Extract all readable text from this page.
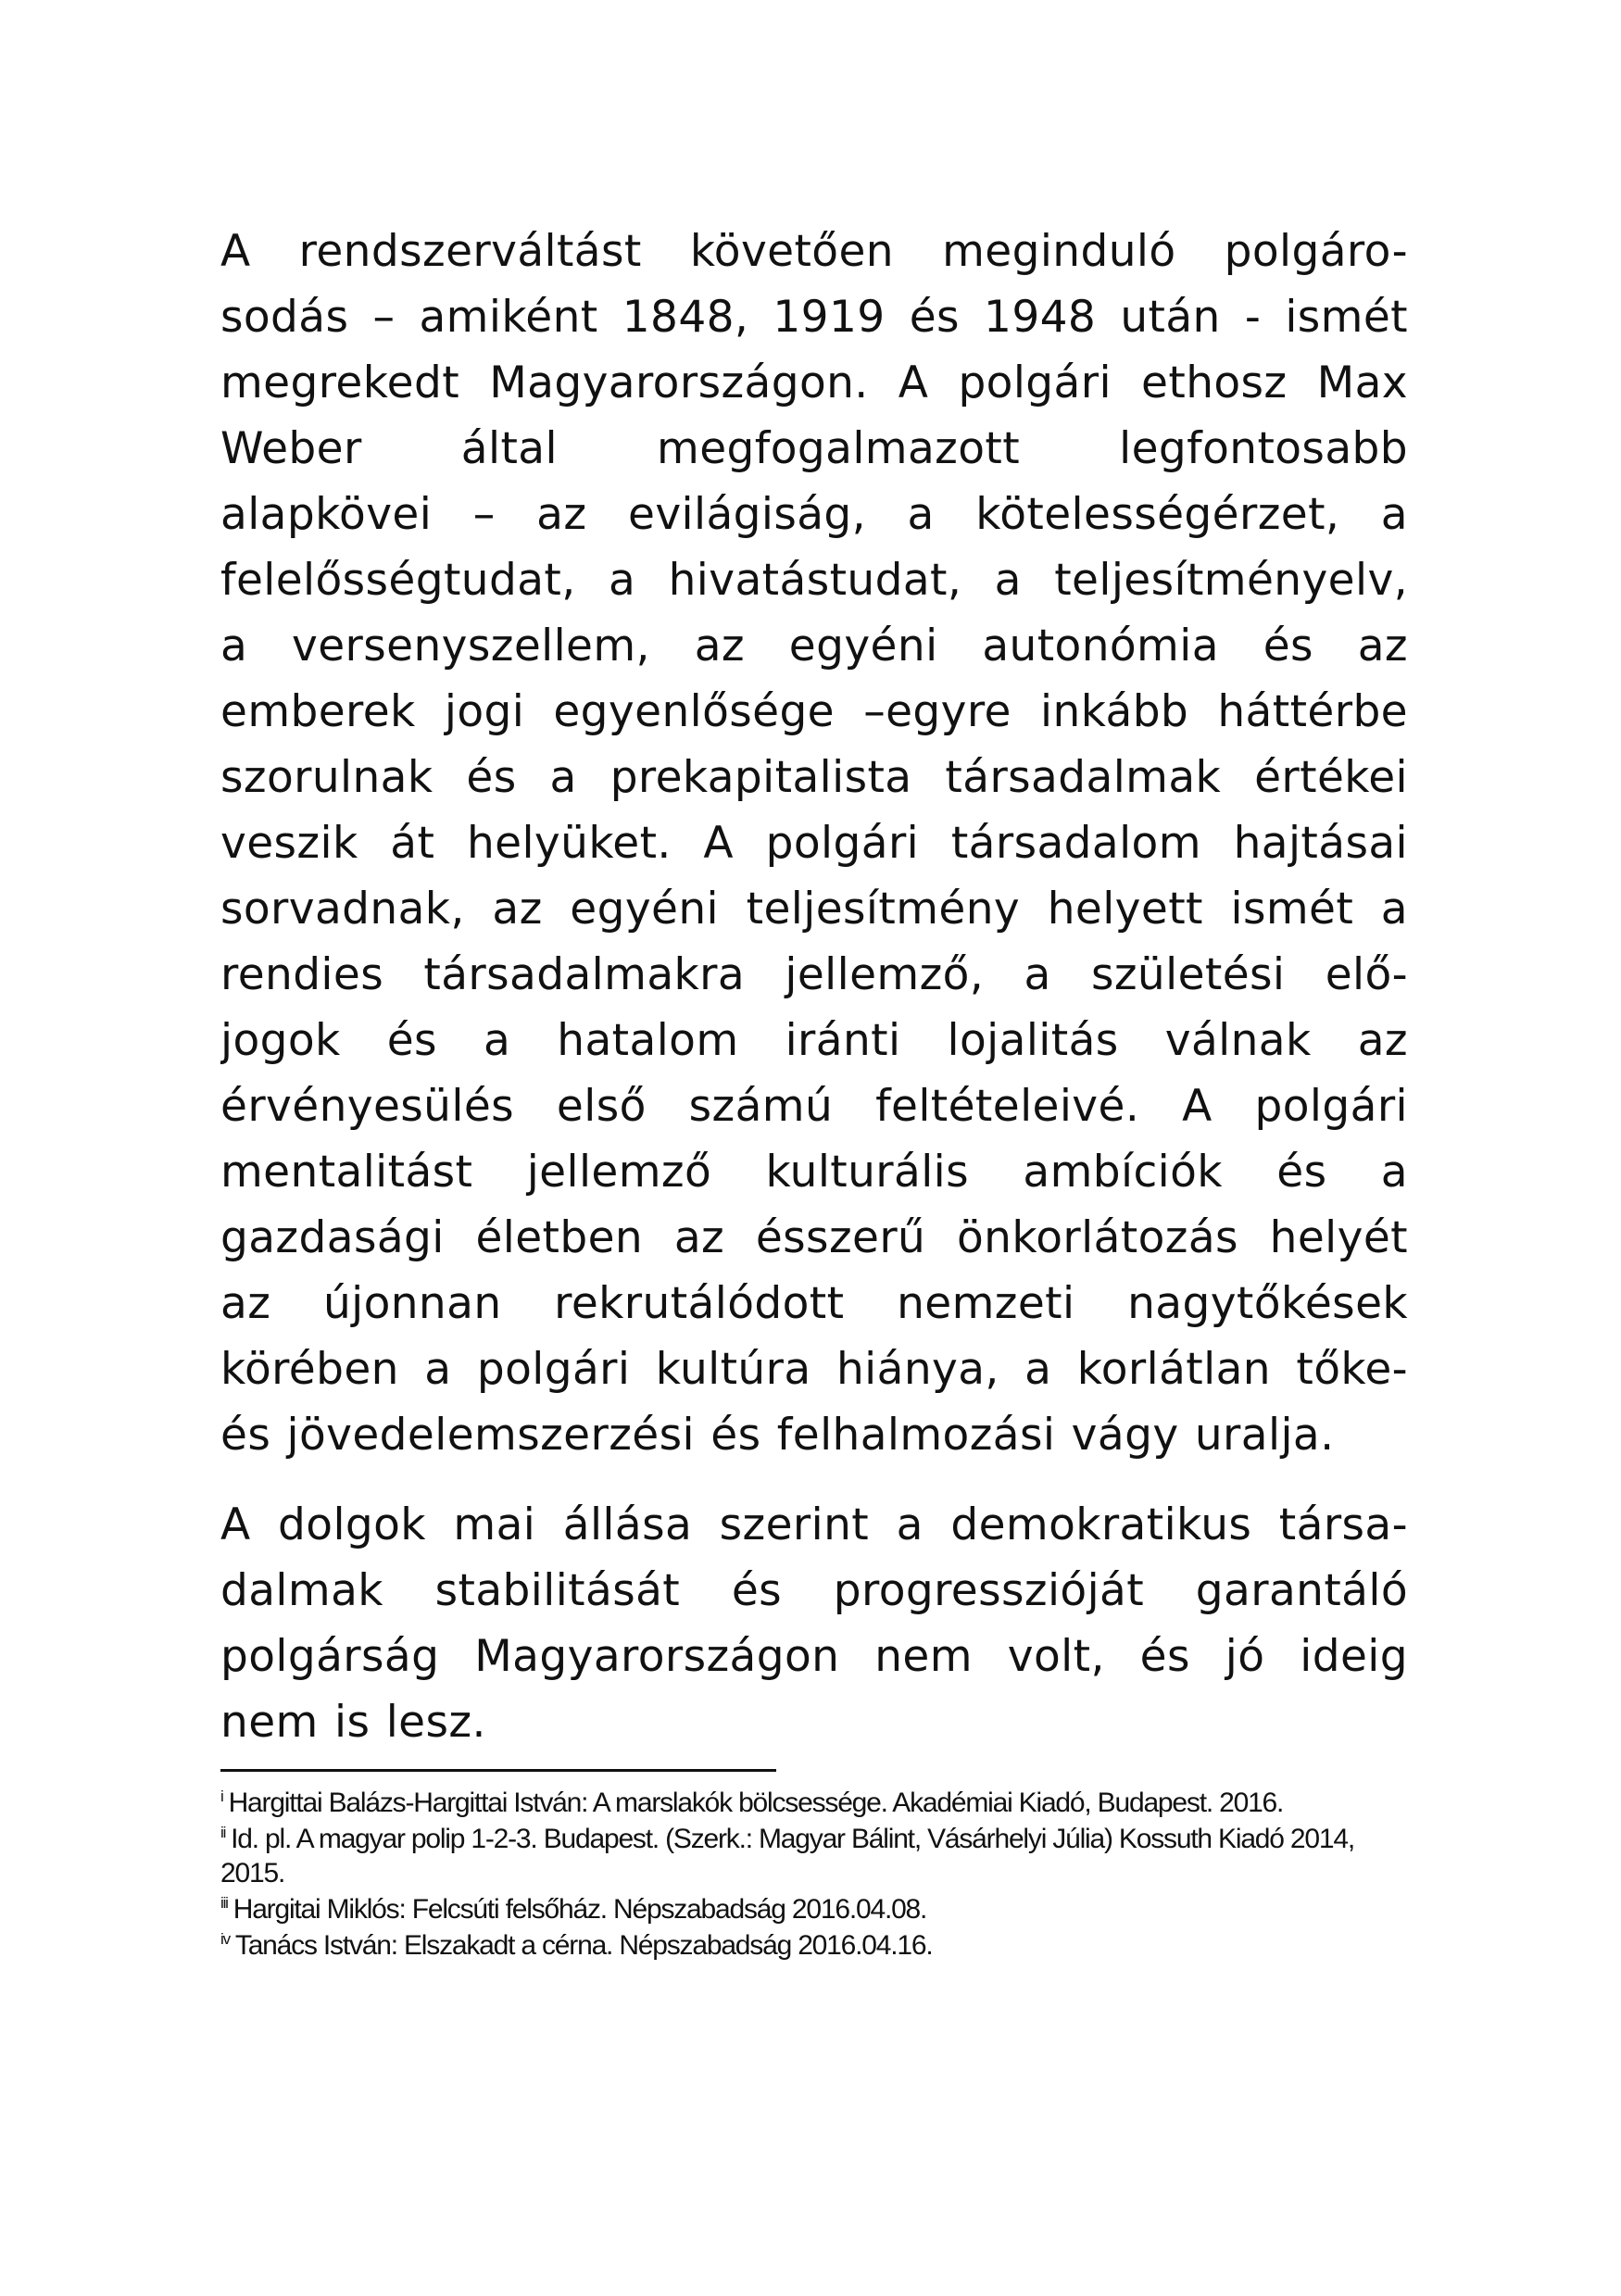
A rendszerváltást követően meginduló polgáro-
sodás – amiként 1848, 1919 és 1948 után - ismét
megrekedt Magyarországon. A polgári ethosz Max
Weber által megfogalmazott legfontosabb
alapkövei – az evilágiság, a kötelességérzet, a
felelősségtudat, a hivatástudat, a teljesítményelv,
a versenyszellem, az egyéni autonómia és az
emberek jogi egyenlősége –egyre inkább háttérbe
szorulnak és a prekapitalista társadalmak értékei
veszik át helyüket. A polgári társadalom hajtásai
sorvadnak, az egyéni teljesítmény helyett ismét a
rendies társadalmakra jellemző, a születési elő-
jogok és a hatalom iránti lojalitás válnak az
érvényesülés első számú feltételeivé. A polgári
mentalitást jellemző kulturális ambíciók és a
gazdasági életben az ésszerű önkorlátozás helyét
az újonnan rekrutálódott nemzeti nagytőkések
körében a polgári kultúra hiánya, a korlátlan tőke-
és jövedelemszerzési és felhalmozási vágy uralja.

A dolgok mai állása szerint a demokratikus társa-
dalmak stabilitását és progresszióját garantáló
polgárság Magyarországon nem volt, és jó ideig
nem is lesz.

$^i$ Hargittai Balázs-Hargittai István: A marslakók bölcsessége. Akadémiai Kiadó, Budapest. 2016.

$^{ii}$ Id. pl. A magyar polip 1-2-3. Budapest. (Szerk.: Magyar Bálint, Vásárhelyi Júlia) Kossuth Kiadó 2014, 2015.

$^{iii}$ Hargitai Miklós: Felcsúti felsőház. Népszabadság 2016.04.08.

$^{iv}$ Tanács István: Elszakadt a cérna. Népszabadság 2016.04.16.
